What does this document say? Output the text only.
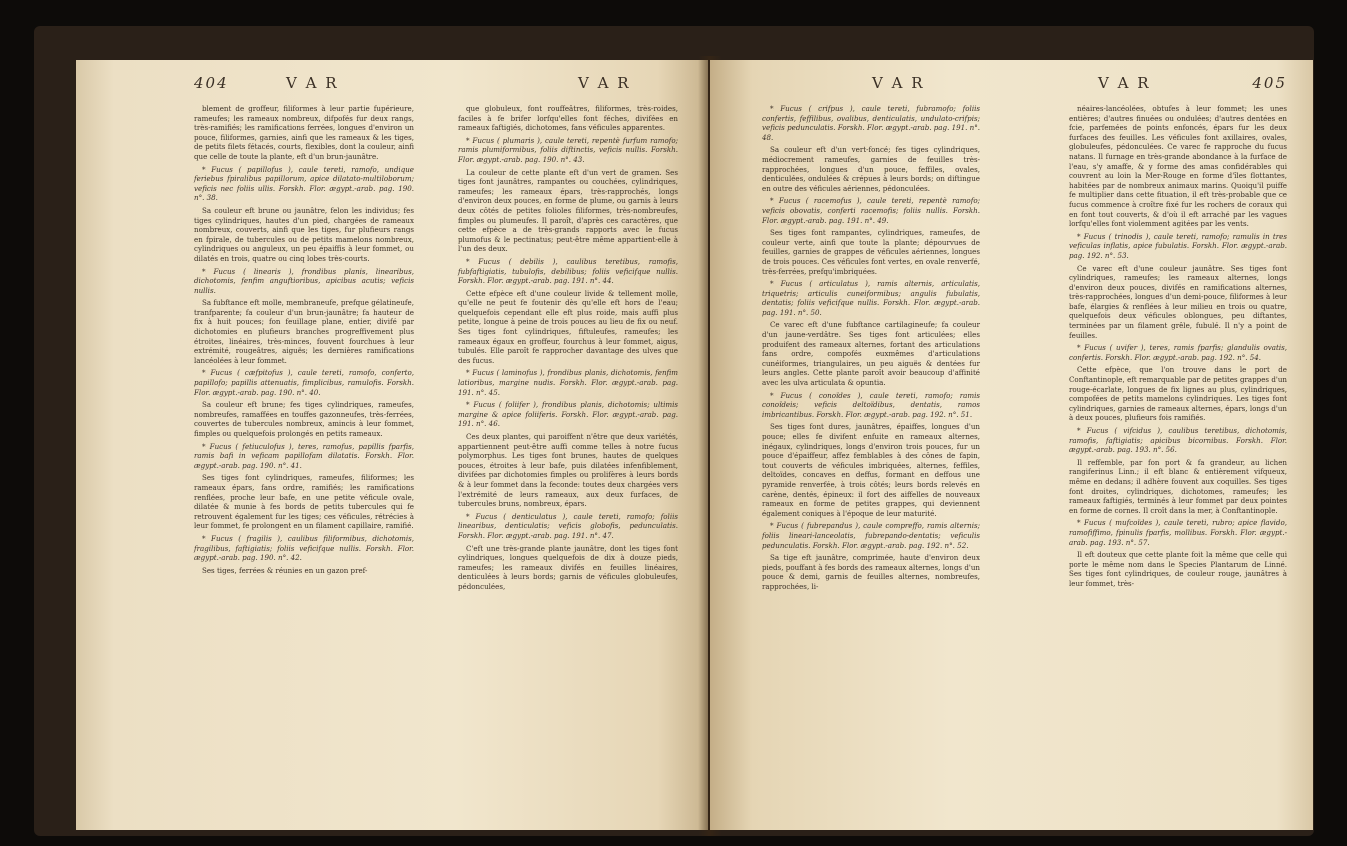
404	V A R	V A R

blement de groffeur, filiformes à leur partie fupérieure, rameufes; les rameaux nombreux, difpofés fur deux rangs, très-ramifiés; les ramifications ferrées, longues d'environ un pouce, filiformes, garnies, ainfi que les rameaux & les tiges, de petits filets fétacés, courts, flexibles, dont la couleur, ainfi que celle de toute la plante, eft d'un brun-jaunâtre.

* Fucus ( papillofus ), caule tereti, ramofo, undique feriebus fpiralibus papillorum, apice dilatato-multiloborum; veficis nec foliis ullis. Forskh. Flor. ægypt.-arab. pag. 190. n°. 38.

Sa couleur eft brune ou jaunâtre, felon les individus; fes tiges cylindriques, hautes d'un pied, chargées de rameaux nombreux, couverts, ainfi que les tiges, fur plufieurs rangs en fpirale, de tubercules ou de petits mamelons nombreux, cylindriques ou anguleux, un peu épaiffis à leur fommet, ou dilatés en trois, quatre ou cinq lobes très-courts.

* Fucus ( linearis ), frondibus planis, linearibus, dichotomis, fenfim anguftioribus, apicibus acutis; veficis nullis.

Sa fubftance eft molle, membraneufe, prefque gélatineufe, tranfparente; fa couleur d'un brun-jaunâtre; fa hauteur de fix à huit pouces; fon feuillage plane, entier, divifé par dichotomies en plufieurs branches progreffivement plus étroites, linéaires, très-minces, fouvent fourchues à leur extrémité, rougeâtres, aiguës; les dernières ramifications lancéolées à leur fommet.

* Fucus ( cæfpitofus ), caule tereti, ramofo, conferto, papillofo; papillis attenuatis, fimplicibus, ramulofis. Forskh. Flor. ægypt.-arab. pag. 190. n°. 40.

Sa couleur eft brune; fes tiges cylindriques, rameufes, nombreufes, ramaffées en touffes gazonneufes, très-ferrées, couvertes de tubercules nombreux, amincis à leur fommet, fimples ou quelquefois prolongés en petits rameaux.

* Fucus ( fetiuculofus ), teres, ramofus, papillis fparfis, ramis bafi in veficam papillofam dilatatis. Forskh. Flor. ægypt.-arab. pag. 190. n°. 41.

Ses tiges font cylindriques, rameufes, filiformes; les rameaux épars, fans ordre, ramifiés; les ramifications renflées, proche leur bafe, en une petite véficule ovale, dilatée & munie à fes bords de petits tubercules qui fe retrouvent également fur les tiges; ces véficules, rétrécies à leur fommet, fe prolongent en un filament capillaire, ramifié.

* Fucus ( fragilis ), caulibus filiformibus, dichotomis, fragilibus, faftigiatis; foliis veficifque nullis. Forskh. Flor. ægypt.-arab. pag. 190. n°. 42.

Ses tiges, ferrées & réunies en un gazon pref-

que globuleux, font rouffeâtres, filiformes, très-roides, faciles à fe brifer lorfqu'elles font féches, divifées en rameaux faftigiés, dichotomes, fans véficules apparentes.

* Fucus ( plumaris ), caule tereti, repentè furfum ramofo; ramis plumiformibus, foliis diftinctis, veficis nullis. Forskh. Flor. ægypt.-arab. pag. 190. n°. 43.

La couleur de cette plante eft d'un vert de gramen. Ses tiges font jaunâtres, rampantes ou couchées, cylindriques, rameufes; les rameaux épars, très-rapprochés, longs d'environ deux pouces, en forme de plume, ou garnis à leurs deux côtés de petites folioles filiformes, très-nombreufes, fimples ou plumeufes. Il paroît, d'après ces caractères, que cette efpèce a de très-grands rapports avec le fucus plumofus & le pectinatus; peut-être même appartient-elle à l'un des deux.

* Fucus ( debilis ), caulibus teretibus, ramofis, fubfaftigiatis, tubulofis, debilibus; foliis veficifque nullis. Forskh. Flor. ægypt.-arab. pag. 191. n°. 44.

Cette efpèce eft d'une couleur livide & tellement molle, qu'elle ne peut fe foutenir dès qu'elle eft hors de l'eau; quelquefois cependant elle eft plus roide, mais auffi plus petite, longue à peine de trois pouces au lieu de fix ou neuf. Ses tiges font cylindriques, fiftuleufes, rameufes; les rameaux égaux en groffeur, fourchus à leur fommet, aigus, tubulés. Elle paroît fe rapprocher davantage des ulves que des fucus.

* Fucus ( laminofus ), frondibus planis, dichotomis, fenfim latioribus, margine nudis. Forskh. Flor. ægypt.-arab. pag. 191. n°. 45.

* Fucus ( foliifer ), frondibus planis, dichotomis; ultimis margine & apice foliiferis. Forskh. Flor. ægypt.-arab. pag. 191. n°. 46.

Ces deux plantes, qui paroiffent n'être que deux variétés, appartiennent peut-être auffi comme telles à notre fucus polymorphus. Les tiges font brunes, hautes de quelques pouces, étroites à leur bafe, puis dilatées infenfiblement, divifées par dichotomies fimples ou prolifères à leurs bords & à leur fommet dans la feconde: toutes deux chargées vers l'extrémité de leurs rameaux, aux deux furfaces, de tubercules bruns, nombreux, épars.

* Fucus ( denticulatus ), caule tereti, ramofo; foliis linearibus, denticulatis; veficis globofis, pedunculatis. Forskh. Flor. ægypt.-arab. pag. 191. n°. 47.

C'eft une très-grande plante jaunâtre, dont les tiges font cylindriques, longues quelquefois de dix à douze pieds, rameufes; les rameaux divifés en feuilles linéaires, denticulées à leurs bords; garnis de véficules globuleufes, pédonculées,

V A R	V A R	405

* Fucus ( crifpus ), caule tereti, fubramofo; foliis confertis, feffilibus, ovalibus, denticulatis, undulato-crifpis; veficis pedunculatis. Forskh. Flor. ægypt.-arab. pag. 191. n°. 48.

Sa couleur eft d'un vert-foncé; fes tiges cylindriques, médiocrement rameufes, garnies de feuilles très-rapprochées, longues d'un pouce, feffiles, ovales, denticulées, ondulées & crépues à leurs bords; on diftingue en outre des véficules aériennes, pédonculées.

* Fucus ( racemofus ), caule tereti, repentè ramofo; veficis obovatis, conferti racemofis; foliis nullis. Forskh. Flor. ægypt.-arab. pag. 191. n°. 49.

Ses tiges font rampantes, cylindriques, rameufes, de couleur verte, ainfi que toute la plante; dépourvues de feuilles, garnies de grappes de véficules aériennes, longues de trois pouces. Ces véficules font vertes, en ovale renverfé, très-ferrées, prefqu'imbriquées.

* Fucus ( articulatus ), ramis alternis, articulatis, triquetris; articulis cuneiformibus; angulis fubulatis, dentatis; foliis veficifque nullis. Forskh. Flor. ægypt.-arab. pag. 191. n°. 50.

Ce varec eft d'une fubftance cartilagineufe; fa couleur d'un jaune-verdâtre. Ses tiges font articulées; elles produifent des rameaux alternes, fortant des articulations fans ordre, compofés euxmêmes d'articulations cunéiformes, triangulaires, un peu aiguës & dentées fur leurs angles. Cette plante paroît avoir beaucoup d'affinité avec les ulva articulata & opuntia.

* Fucus ( conoïdes ), caule tereti, ramofo; ramis conoïdeis; veficis deltoïdibus, dentatis, ramos imbricantibus. Forskh. Flor. ægypt.-arab. pag. 192. n°. 51.

Ses tiges font dures, jaunâtres, épaiffes, longues d'un pouce; elles fe divifent enfuite en rameaux alternes, inégaux, cylindriques, longs d'environ trois pouces, fur un pouce d'épaiffeur, affez femblables à des cônes de fapin, tout couverts de véficules imbriquées, alternes, feffiles, deltoïdes, concaves en deffus, formant en deffous une pyramide renverfée, à trois côtés; leurs bords relevés en carène, dentés, épineux: il fort des aiffelles de nouveaux rameaux en forme de petites grappes, qui deviennent également coniques à l'époque de leur maturité.

* Fucus ( fubrepandus ), caule compreffo, ramis alternis; foliis lineari-lanceolatis, fubrepando-dentatis; veficulis pedunculatis. Forskh. Flor. ægypt.-arab. pag. 192. n°. 52.

Sa tige eft jaunâtre, comprimée, haute d'environ deux pieds, pouffant à fes bords des rameaux alternes, longs d'un pouce & demi, garnis de feuilles alternes, nombreufes, rapprochées, li-

néaires-lancéolées, obtufes à leur fommet; les unes entières; d'autres finuées ou ondulées; d'autres dentées en fcie, parfemées de points enfoncés, épars fur les deux furfaces des feuilles. Les véficules font axillaires, ovales, globuleufes, pédonculées. Ce varec fe rapproche du fucus natans. Il furnage en très-grande abondance à la furface de l'eau, s'y amaffe, & y forme des amas confidérables qui couvrent au loin la Mer-Rouge en forme d'îles flottantes, habitées par de nombreux animaux marins. Quoiqu'il puiffe fe multiplier dans cette fituation, il eft très-probable que ce fucus commence à croître fixé fur les rochers de coraux qui en font tout couverts, & d'où il eft arraché par les vagues lorfqu'elles font violemment agitées par les vents.

* Fucus ( trinodis ), caule tereti, ramofo; ramulis in tres veficulas inflatis, apice fubulatis. Forskh. Flor. ægypt.-arab. pag. 192. n°. 53.

Ce varec eft d'une couleur jaunâtre. Ses tiges font cylindriques, rameufes; les rameaux alternes, longs d'environ deux pouces, divifés en ramifications alternes, très-rapprochées, longues d'un demi-pouce, filiformes à leur bafe, élargies & renflées à leur milieu en trois ou quatre, quelquefois deux véficules oblongues, peu diftantes, terminées par un filament grêle, fubulé. Il n'y a point de feuilles.

* Fucus ( uvifer ), teres, ramis fparfis; glandulis ovatis, confertis. Forskh. Flor. ægypt.-arab. pag. 192. n°. 54.

Cette efpèce, que l'on trouve dans le port de Conftantinople, eft remarquable par de petites grappes d'un rouge-écarlate, longues de fix lignes au plus, cylindriques, compofées de petits mamelons cylindriques. Les tiges font cylindriques, garnies de rameaux alternes, épars, longs d'un à deux pouces, plufieurs fois ramifiés.

* Fucus ( vifcidus ), caulibus teretibus, dichotomis, ramofis, faftigiatis; apicibus bicornibus. Forskh. Flor. ægypt.-arab. pag. 193. n°. 56.

Il reffemble, par fon port & fa grandeur, au lichen rangiferinus Linn.; il eft blanc & entièrement vifqueux, même en dedans; il adhère fouvent aux coquilles. Ses tiges font droites, cylindriques, dichotomes, rameufes; les rameaux faftigiés, terminés à leur fommet par deux pointes en forme de cornes. Il croît dans la mer, à Conftantinople.

* Fucus ( mufcoïdes ), caule tereti, rubro; apice flavido, ramofiffimo, fpinulis fparfis, mollibus. Forskh. Flor. ægypt.-arab. pag. 193. n°. 57.

Il eft douteux que cette plante foit la même que celle qui porte le même nom dans le Species Plantarum de Linné. Ses tiges font cylindriques, de couleur rouge, jaunâtres à leur fommet, très-
